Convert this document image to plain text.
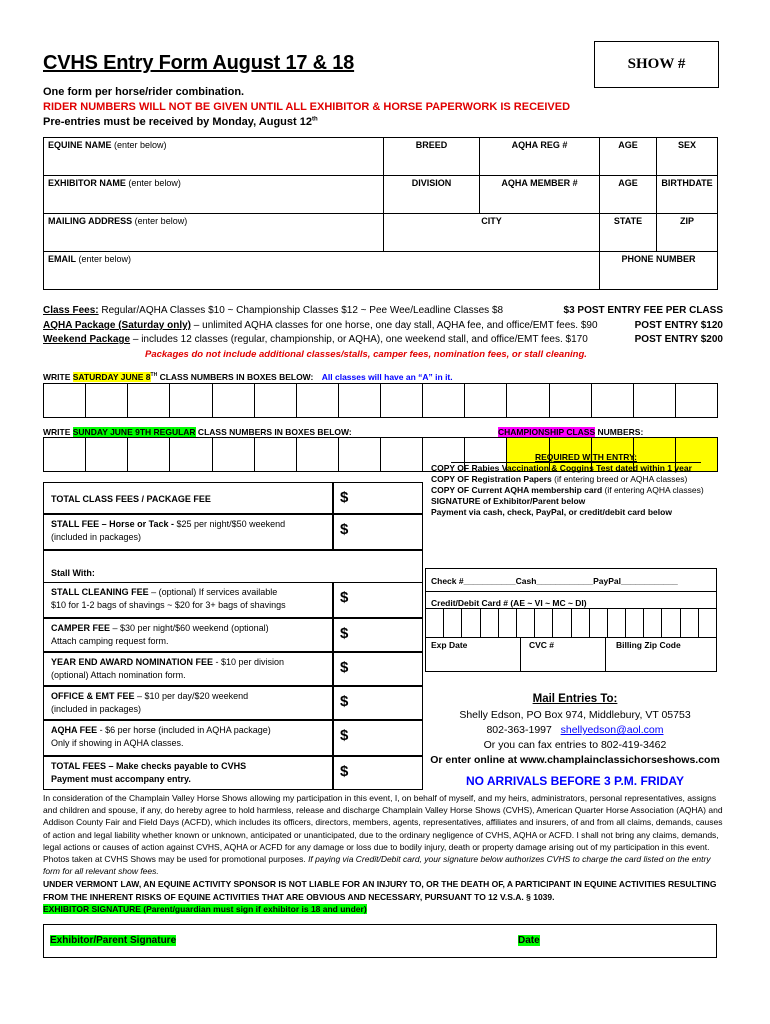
CVHS Entry Form August 17 & 18	SHOW #
One form per horse/rider combination.
RIDER NUMBERS WILL NOT BE GIVEN UNTIL ALL EXHIBITOR & HORSE PAPERWORK IS RECEIVED
Pre-entries must be received by Monday, August 12th
EQUINE NAME (enter below)	BREED	AQHA REG #	AGE	SEX
EXHIBITOR NAME (enter below)	DIVISION	AQHA MEMBER #	AGE	BIRTHDATE
MAILING ADDRESS (enter below)	CITY		STATE	ZIP
EMAIL (enter below)			PHONE NUMBER	
Class Fees: Regular/AQHA Classes $10 ~ Championship Classes $12 ~ Pee Wee/Leadline Classes $8	$3 POST ENTRY FEE PER CLASS
AQHA Package (Saturday only) – unlimited AQHA classes for one horse, one day stall, AQHA fee, and office/EMT fees. $90	POST ENTRY $120
Weekend Package – includes 12 classes (regular, championship, or AQHA), one weekend stall, and office/EMT fees. $170	POST ENTRY $200
Packages do not include additional classes/stalls, camper fees, nomination fees, or stall cleaning.
WRITE SATURDAY JUNE 8TH CLASS NUMBERS IN BOXES BELOW: All classes will have an “A” in it.

WRITE SUNDAY JUNE 9TH REGULAR CLASS NUMBERS IN BOXES BELOW:	CHAMPIONSHIP CLASS NUMBERS:

TOTAL CLASS FEES / PACKAGE FEE	$
STALL FEE – Horse or Tack - $25 per night/$50 weekend
(included in packages)	$
Stall With:
STALL CLEANING FEE – (optional) If services available
$10 for 1-2 bags of shavings ~ $20 for 3+ bags of shavings	$
CAMPER FEE – $30 per night/$60 weekend (optional)
Attach camping request form.	$
YEAR END AWARD NOMINATION FEE - $10 per division
(optional) Attach nomination form.	$
OFFICE & EMT FEE – $10 per day/$20 weekend
(included in packages)	$
AQHA FEE - $6 per horse (included in AQHA package)
Only if showing in AQHA classes.	$
TOTAL FEES – Make checks payable to CVHS
Payment must accompany entry.	$
REQUIRED WITH ENTRY:
COPY OF Rabies Vaccination & Coggins Test dated within 1 year
COPY OF Registration Papers (if entering breed or AQHA classes)
COPY OF Current AQHA membership card (if entering AQHA classes)
SIGNATURE of Exhibitor/Parent below
Payment via cash, check, PayPal, or credit/debit card below
Check #___________Cash____________PayPal____________
Credit/Debit Card # (AE ~ VI ~ MC ~ DI)
Exp Date	CVC #	Billing Zip Code
Mail Entries To:
Shelly Edson, PO Box 974, Middlebury, VT 05753
802-363-1997 shellyedson@aol.com
Or you can fax entries to 802-419-3462
Or enter online at www.champlainclassichorseshows.com
NO ARRIVALS BEFORE 3 P.M. FRIDAY
In consideration of the Champlain Valley Horse Shows allowing my participation in this event, I, on behalf of myself, and my heirs, administrators, personal representatives, assigns and children and spouse, if any, do hereby agree to hold harmless, release and discharge Champlain Valley Horse Shows (CVHS), American Quarter Horse Association (AQHA) and Addison County Fair and Field Days (ACFD), which includes its officers, directors, members, agents, representatives, affiliates and insurers, of and from all claims, demands, causes of action and legal liability whether known or unknown, anticipated or unanticipated, due to the ordinary negligence of CVHS, AQHA or ACFD. I shall not bring any claims, demands, legal actions or causes of action against CVHS, AQHA or ACFD for any damage or loss due to bodily injury, death or property damage arising out of my participation in this event. Photos taken at CVHS Shows may be used for promotional purposes. If paying via Credit/Debit card, your signature below authorizes CVHS to charge the card listed on the entry form for all relevant show fees.
UNDER VERMONT LAW, AN EQUINE ACTIVITY SPONSOR IS NOT LIABLE FOR AN INJURY TO, OR THE DEATH OF, A PARTICIPANT IN EQUINE ACTIVITIES RESULTING FROM THE INHERENT RISKS OF EQUINE ACTIVITIES THAT ARE OBVIOUS AND NECESSARY, PURSUANT TO 12 V.S.A. § 1039.
EXHIBITOR SIGNATURE (Parent/guardian must sign if exhibitor is 18 and under)
Exhibitor/Parent Signature	Date
